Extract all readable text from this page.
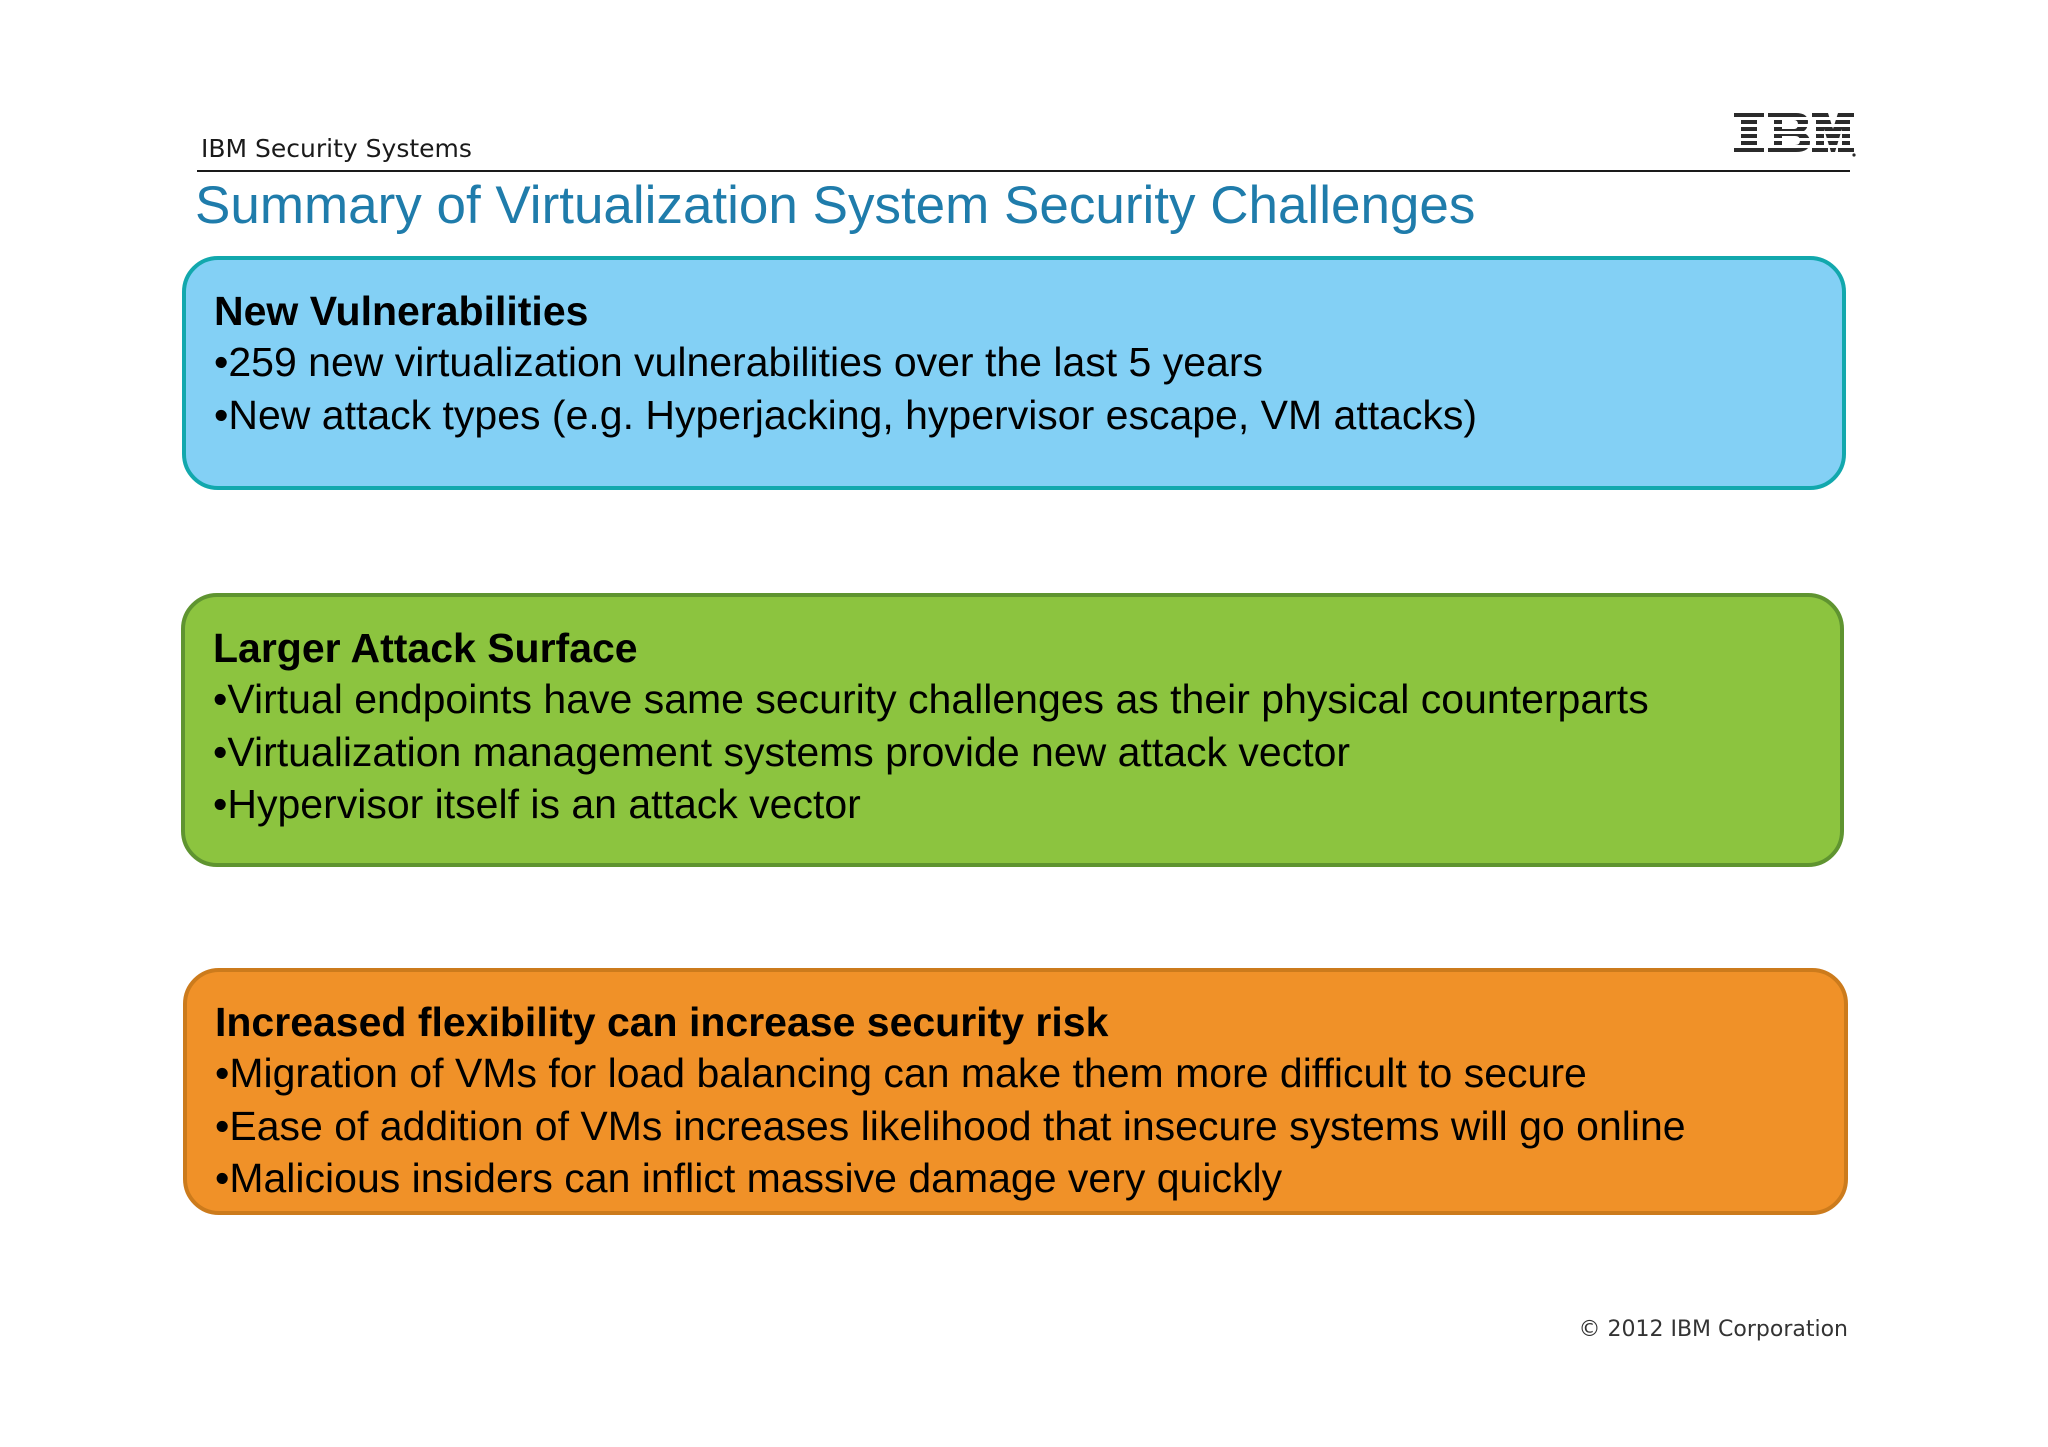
IBM Security Systems
Summary of Virtualization System Security Challenges
New Vulnerabilities
•259 new virtualization vulnerabilities over the last 5 years
•New attack types (e.g. Hyperjacking, hypervisor escape, VM attacks)
Larger Attack Surface
•Virtual endpoints have same security challenges as their physical counterparts
•Virtualization management systems provide new attack vector
•Hypervisor itself is an attack vector
Increased flexibility can increase security risk
•Migration of VMs for load balancing can make them more difficult to secure
•Ease of addition of VMs increases likelihood that insecure systems will go online
•Malicious insiders can inflict massive damage very quickly
© 2012 IBM Corporation
